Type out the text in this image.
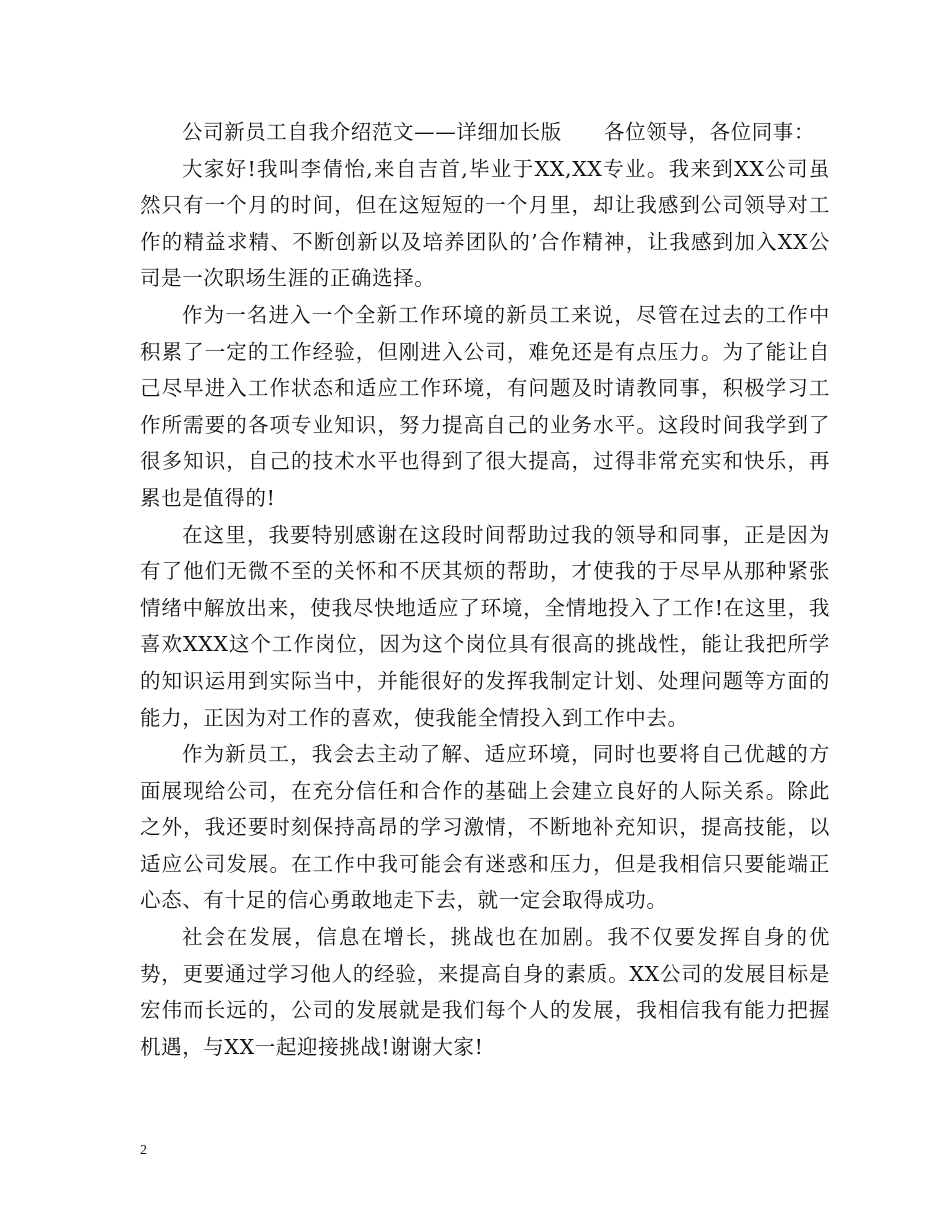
公司新员工自我介绍范文——详细加长版　　各位领导，各位同事：

大家好!我叫李倩怡,来自吉首,毕业于XX,XX专业。我来到XX公司虽然只有一个月的时间，但在这短短的一个月里，却让我感到公司领导对工作的精益求精、不断创新以及培养团队的’合作精神，让我感到加入XX公司是一次职场生涯的正确选择。

作为一名进入一个全新工作环境的新员工来说，尽管在过去的工作中积累了一定的工作经验，但刚进入公司，难免还是有点压力。为了能让自己尽早进入工作状态和适应工作环境，有问题及时请教同事，积极学习工作所需要的各项专业知识，努力提高自己的业务水平。这段时间我学到了很多知识，自己的技术水平也得到了很大提高，过得非常充实和快乐，再累也是值得的!

在这里，我要特别感谢在这段时间帮助过我的领导和同事，正是因为有了他们无微不至的关怀和不厌其烦的帮助，才使我的于尽早从那种紧张情绪中解放出来，使我尽快地适应了环境，全情地投入了工作!在这里，我喜欢XXX这个工作岗位，因为这个岗位具有很高的挑战性，能让我把所学的知识运用到实际当中，并能很好的发挥我制定计划、处理问题等方面的能力，正因为对工作的喜欢，使我能全情投入到工作中去。

作为新员工，我会去主动了解、适应环境，同时也要将自己优越的方面展现给公司，在充分信任和合作的基础上会建立良好的人际关系。除此之外，我还要时刻保持高昂的学习激情，不断地补充知识，提高技能，以适应公司发展。在工作中我可能会有迷惑和压力，但是我相信只要能端正心态、有十足的信心勇敢地走下去，就一定会取得成功。

社会在发展，信息在增长，挑战也在加剧。我不仅要发挥自身的优势，更要通过学习他人的经验，来提高自身的素质。XX公司的发展目标是宏伟而长远的，公司的发展就是我们每个人的发展，我相信我有能力把握机遇，与XX一起迎接挑战!谢谢大家!

2
